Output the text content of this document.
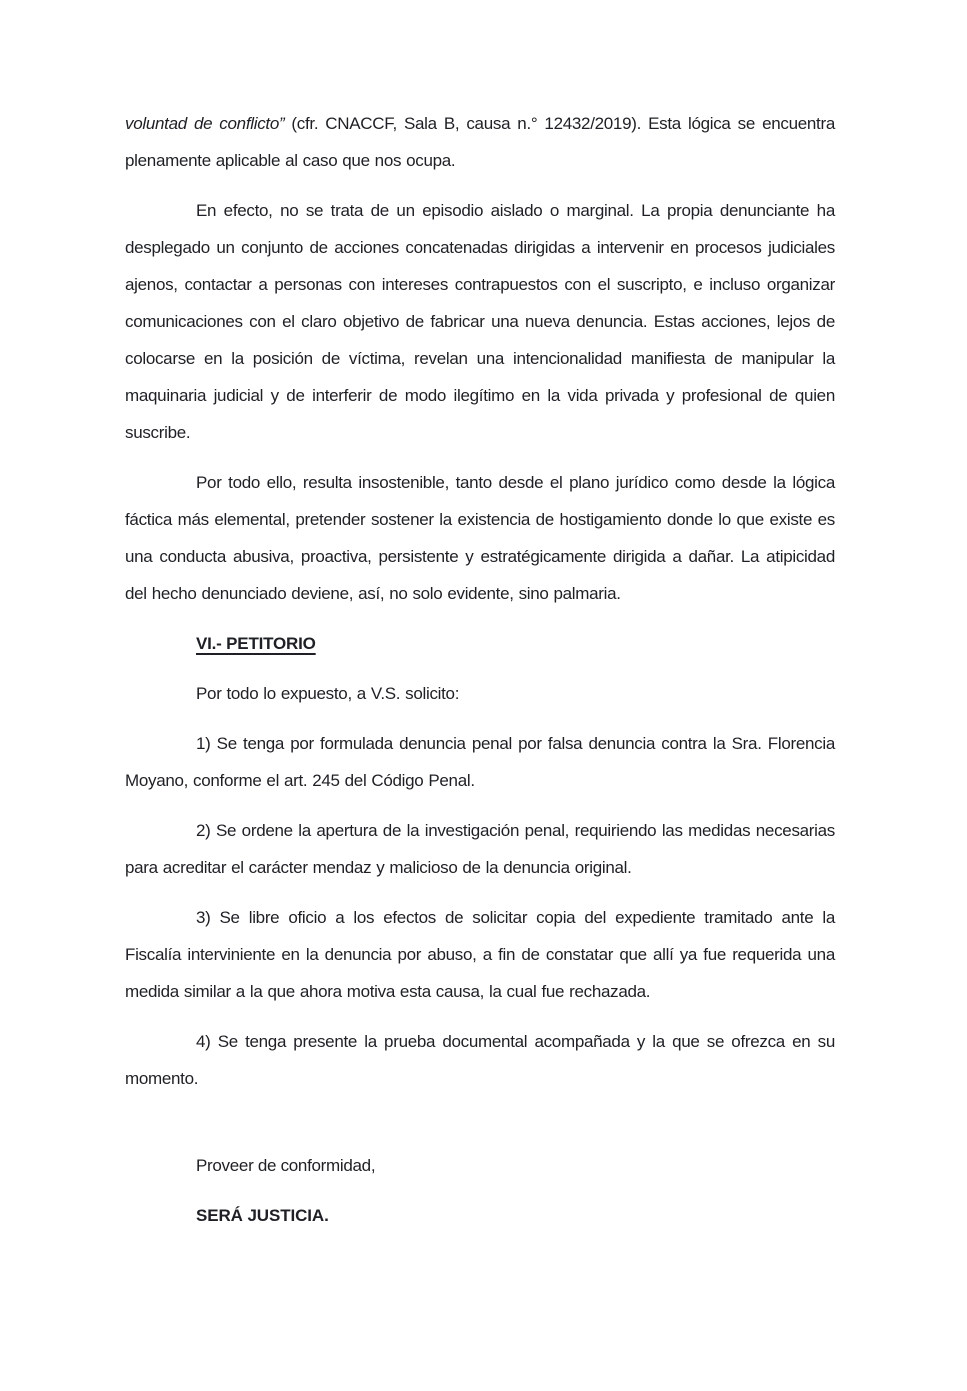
voluntad de conflicto” (cfr. CNACCF, Sala B, causa n.° 12432/2019). Esta lógica se encuentra plenamente aplicable al caso que nos ocupa.

En efecto, no se trata de un episodio aislado o marginal. La propia denunciante ha desplegado un conjunto de acciones concatenadas dirigidas a intervenir en procesos judiciales ajenos, contactar a personas con intereses contrapuestos con el suscripto, e incluso organizar comunicaciones con el claro objetivo de fabricar una nueva denuncia. Estas acciones, lejos de colocarse en la posición de víctima, revelan una intencionalidad manifiesta de manipular la maquinaria judicial y de interferir de modo ilegítimo en la vida privada y profesional de quien suscribe.

Por todo ello, resulta insostenible, tanto desde el plano jurídico como desde la lógica fáctica más elemental, pretender sostener la existencia de hostigamiento donde lo que existe es una conducta abusiva, proactiva, persistente y estratégicamente dirigida a dañar. La atipicidad del hecho denunciado deviene, así, no solo evidente, sino palmaria.

VI.- PETITORIO

Por todo lo expuesto, a V.S. solicito:

1) Se tenga por formulada denuncia penal por falsa denuncia contra la Sra. Florencia Moyano, conforme el art. 245 del Código Penal.

2) Se ordene la apertura de la investigación penal, requiriendo las medidas necesarias para acreditar el carácter mendaz y malicioso de la denuncia original.

3) Se libre oficio a los efectos de solicitar copia del expediente tramitado ante la Fiscalía interviniente en la denuncia por abuso, a fin de constatar que allí ya fue requerida una medida similar a la que ahora motiva esta causa, la cual fue rechazada.

4) Se tenga presente la prueba documental acompañada y la que se ofrezca en su momento.

Proveer de conformidad,

SERÁ JUSTICIA.
